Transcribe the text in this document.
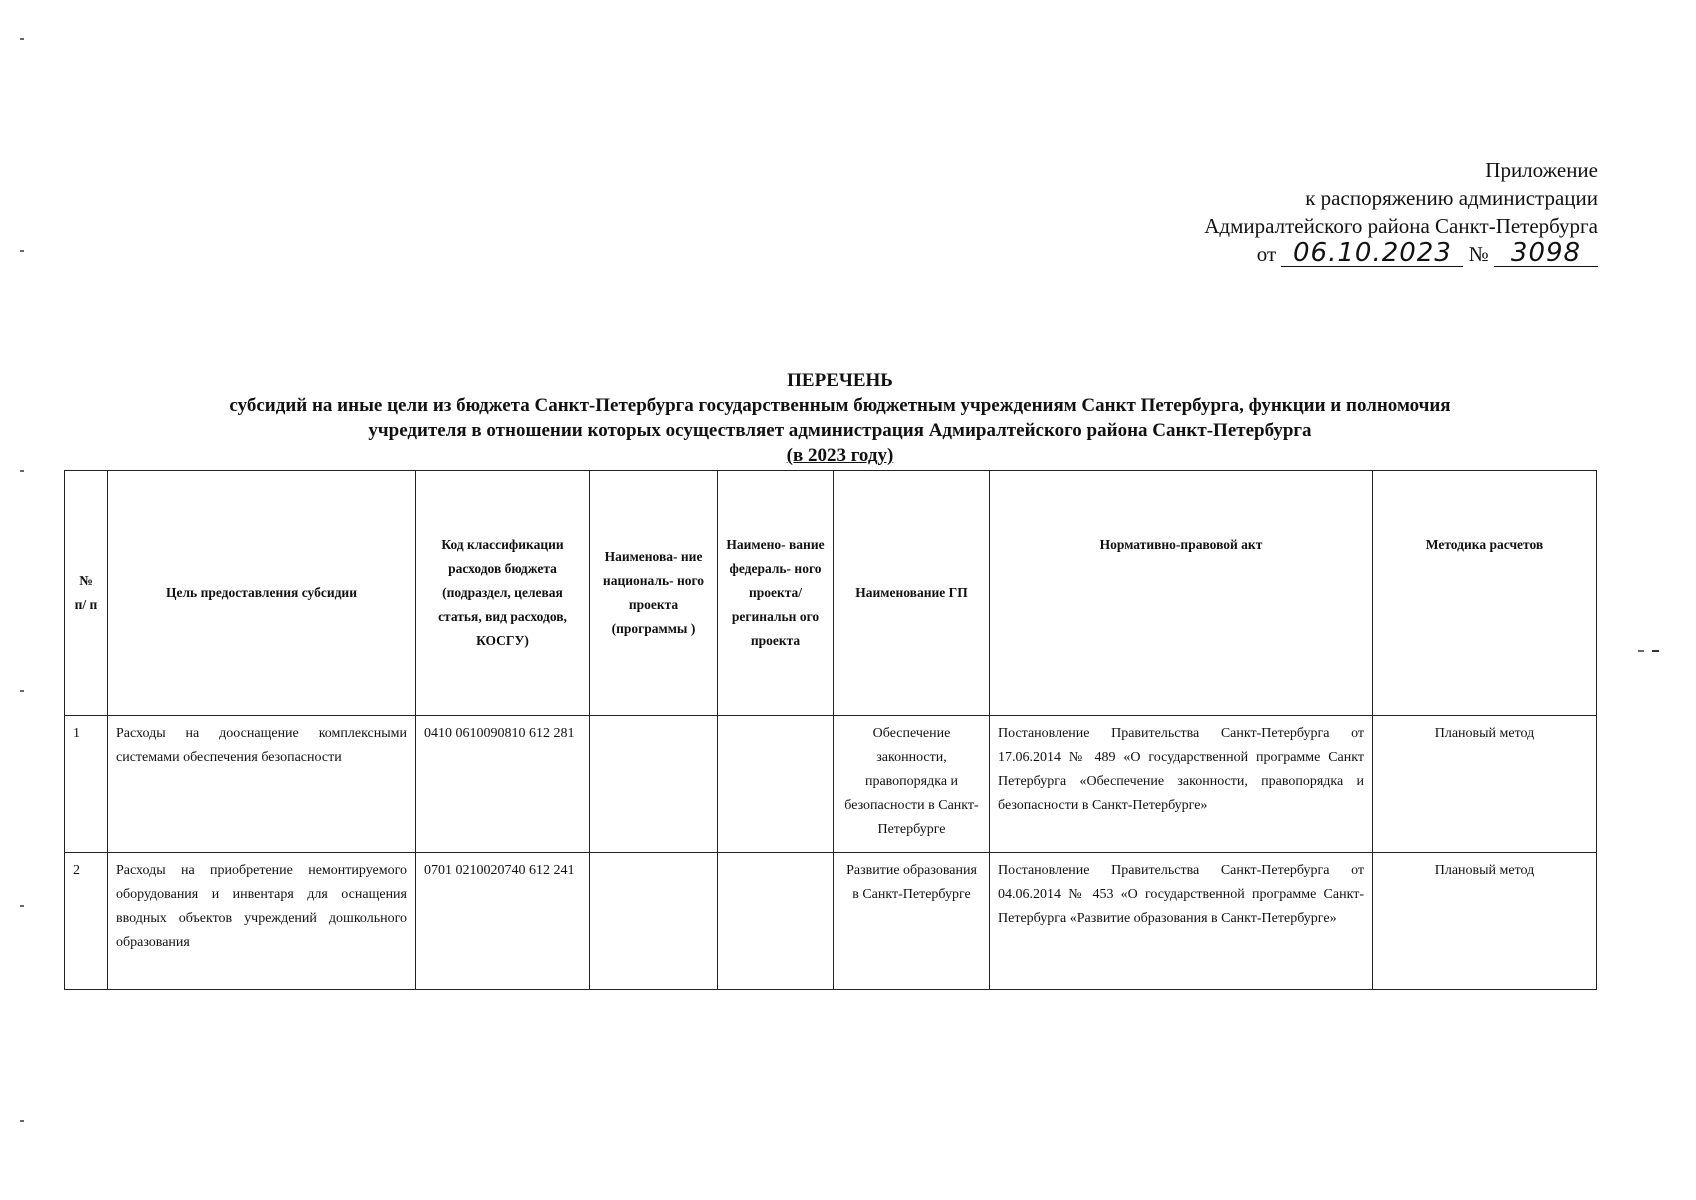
Приложение
к распоряжению администрации
Адмиралтейского района Санкт-Петербурга
от 06.10.2023 № 3098
ПЕРЕЧЕНЬ
субсидий на иные цели из бюджета Санкт-Петербурга государственным бюджетным учреждениям Санкт Петербурга, функции и полномочия
учредителя в отношении которых осуществляет администрация Адмиралтейского района Санкт-Петербурга
(в 2023 году)
№ п/ п	Цель предоставления субсидии	Код классификации расходов бюджета (подраздел, целевая статья, вид расходов, КОСГУ)	Наименова- ние националь- ного проекта (программы )	Наимено- вание федераль- ного проекта/ регинальн ого проекта	Наименование ГП	Нормативно-правовой акт	Методика расчетов
1	Расходы на дооснащение комплексными системами обеспечения безопасности	0410 0610090810 612 281			Обеспечение законности, правопорядка и безопасности в Санкт-Петербурге	Постановление Правительства Санкт-Петербурга от 17.06.2014 № 489 «О государственной программе Санкт Петербурга «Обеспечение законности, правопорядка и безопасности в Санкт-Петербурге»	Плановый метод
2	Расходы на приобретение немонтируемого оборудования и инвентаря для оснащения вводных объектов учреждений дошкольного образования	0701 0210020740 612 241			Развитие образования в Санкт-Петербурге	Постановление Правительства Санкт-Петербурга от 04.06.2014 № 453 «О государственной программе Санкт-Петербурга «Развитие образования в Санкт-Петербурге»	Плановый метод
